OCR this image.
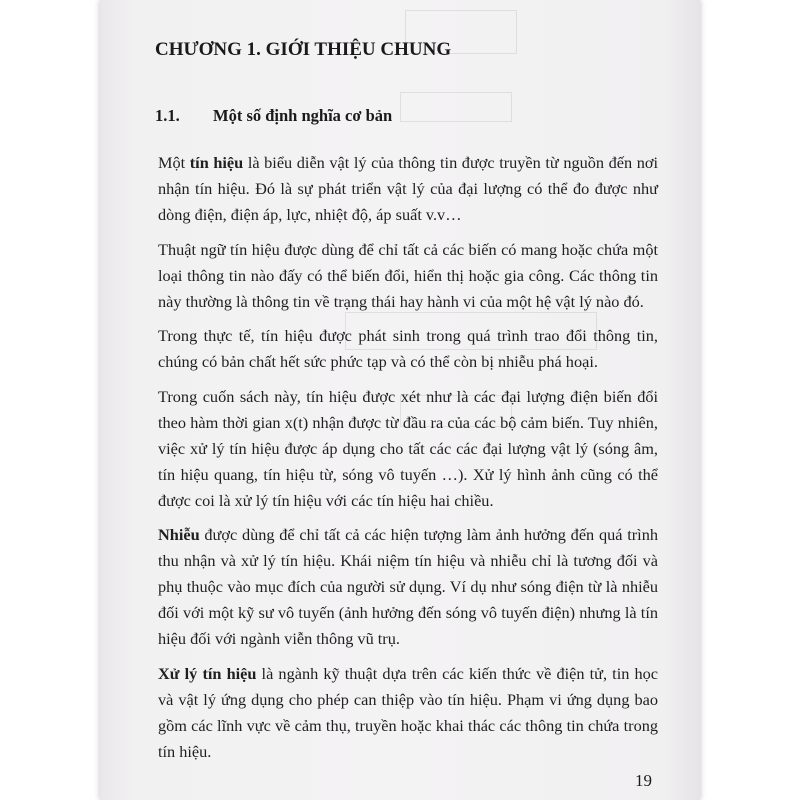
CHƯƠNG 1. GIỚI THIỆU CHUNG
1.1. Một số định nghĩa cơ bản

Một tín hiệu là biểu diễn vật lý của thông tin được truyền từ nguồn đến nơi nhận tín hiệu. Đó là sự phát triển vật lý của đại lượng có thể đo được như dòng điện, điện áp, lực, nhiệt độ, áp suất v.v…

Thuật ngữ tín hiệu được dùng để chỉ tất cả các biến có mang hoặc chứa một loại thông tin nào đấy có thể biến đổi, hiển thị hoặc gia công. Các thông tin này thường là thông tin về trạng thái hay hành vi của một hệ vật lý nào đó.

Trong thực tế, tín hiệu được phát sinh trong quá trình trao đổi thông tin, chúng có bản chất hết sức phức tạp và có thể còn bị nhiễu phá hoại.

Trong cuốn sách này, tín hiệu được xét như là các đại lượng điện biến đổi theo hàm thời gian x(t) nhận được từ đầu ra của các bộ cảm biến. Tuy nhiên, việc xử lý tín hiệu được áp dụng cho tất các các đại lượng vật lý (sóng âm, tín hiệu quang, tín hiệu từ, sóng vô tuyến …). Xử lý hình ảnh cũng có thể được coi là xử lý tín hiệu với các tín hiệu hai chiều.

Nhiễu được dùng để chỉ tất cả các hiện tượng làm ảnh hưởng đến quá trình thu nhận và xử lý tín hiệu. Khái niệm tín hiệu và nhiễu chỉ là tương đối và phụ thuộc vào mục đích của người sử dụng. Ví dụ như sóng điện từ là nhiễu đối với một kỹ sư vô tuyến (ảnh hưởng đến sóng vô tuyến điện) nhưng là tín hiệu đối với ngành viễn thông vũ trụ.

Xử lý tín hiệu là ngành kỹ thuật dựa trên các kiến thức về điện tử, tin học và vật lý ứng dụng cho phép can thiệp vào tín hiệu. Phạm vi ứng dụng bao gồm các lĩnh vực về cảm thụ, truyền hoặc khai thác các thông tin chứa trong tín hiệu.

19
